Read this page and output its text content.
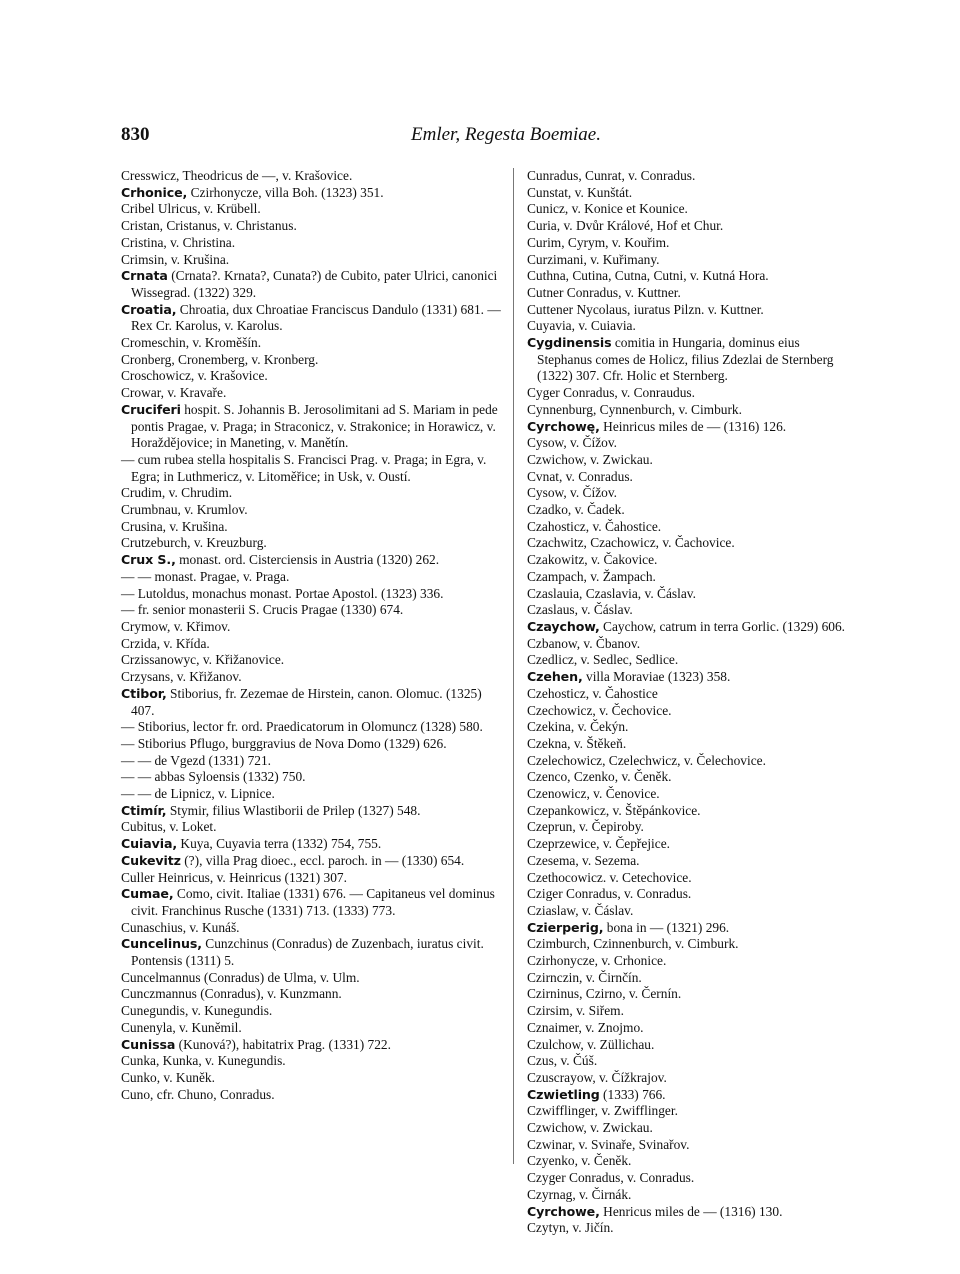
830	Emler, Regesta Boemiae.

Cresswicz, Theodricus de —, v. Krašovice.

Crhonice, Czirhonycze, villa Boh. (1323) 351.

Cribel Ulricus, v. Krübell.

Cristan, Cristanus, v. Christanus.

Cristina, v. Christina.

Crimsin, v. Krušina.

Crnata (Crnata?. Krnata?, Cunata?) de Cubito, pater Ulrici, canonici Wissegrad. (1322) 329.

Croatia, Chroatia, dux Chroatiae Franciscus Dandulo (1331) 681. — Rex Cr. Karolus, v. Karolus.

Cromeschin, v. Kroměšín.

Cronberg, Cronemberg, v. Kronberg.

Croschowicz, v. Krašovice.

Crowar, v. Kravaře.

Cruciferi hospit. S. Johannis B. Jerosolimitani ad S. Mariam in pede pontis Pragae, v. Praga; in Straconicz, v. Strakonice; in Horawicz, v. Horaždějovice; in Maneting, v. Manětín.

— cum rubea stella hospitalis S. Francisci Prag. v. Praga; in Egra, v. Egra; in Luthmericz, v. Litoměřice; in Usk, v. Oustí.

Crudim, v. Chrudim.

Crumbnau, v. Krumlov.

Crusina, v. Krušina.

Crutzeburch, v. Kreuzburg.

Crux S., monast. ord. Cisterciensis in Austria (1320) 262.

— — monast. Pragae, v. Praga.

— Lutoldus, monachus monast. Portae Apostol. (1323) 336.

— fr. senior monasterii S. Crucis Pragae (1330) 674.

Crymow, v. Křimov.

Crzida, v. Křída.

Crzissanowyc, v. Křižanovice.

Crzysans, v. Křižanov.

Ctibor, Stiborius, fr. Zezemae de Hirstein, canon. Olomuc. (1325) 407.

— Stiborius, lector fr. ord. Praedicatorum in Olomuncz (1328) 580.

— Stiborius Pflugo, burggravius de Nova Domo (1329) 626.

— — de Vgezd (1331) 721.

— — abbas Syloensis (1332) 750.

— — de Lipnicz, v. Lipnice.

Ctimír, Stymir, filius Wlastiborii de Prilep (1327) 548.

Cubitus, v. Loket.

Cuiavia, Kuya, Cuyavia terra (1332) 754, 755.

Cukevitz (?), villa Prag dioec., eccl. paroch. in — (1330) 654.

Culler Heinricus, v. Heinricus (1321) 307.

Cumae, Como, civit. Italiae (1331) 676. — Capitaneus vel dominus civit. Franchinus Rusche (1331) 713. (1333) 773.

Cunaschius, v. Kunáš.

Cuncelinus, Cunzchinus (Conradus) de Zuzenbach, iuratus civit. Pontensis (1311) 5.

Cuncelmannus (Conradus) de Ulma, v. Ulm.

Cunczmannus (Conradus), v. Kunzmann.

Cunegundis, v. Kunegundis.

Cunenyla, v. Kuněmil.

Cunissa (Kunová?), habitatrix Prag. (1331) 722.

Cunka, Kunka, v. Kunegundis.

Cunko, v. Kuněk.

Cuno, cfr. Chuno, Conradus.

Cunradus, Cunrat, v. Conradus.

Cunstat, v. Kunštát.

Cunicz, v. Konice et Kounice.

Curia, v. Dvůr Králové, Hof et Chur.

Curim, Cyrym, v. Kouřim.

Curzimani, v. Kuřimany.

Cuthna, Cutina, Cutna, Cutni, v. Kutná Hora.

Cutner Conradus, v. Kuttner.

Cuttener Nycolaus, iuratus Pilzn. v. Kuttner.

Cuyavia, v. Cuiavia.

Cygdinensis comitia in Hungaria, dominus eius Stephanus comes de Holicz, filius Zdezlai de Sternberg (1322) 307. Cfr. Holic et Sternberg.

Cyger Conradus, v. Conraudus.

Cynnenburg, Cynnenburch, v. Cimburk.

Cyrchowę, Heinricus miles de — (1316) 126.

Cysow, v. Čížov.

Czwichow, v. Zwickau.

Cvnat, v. Conradus.

Cysow, v. Čížov.

Czadko, v. Čadek.

Czahosticz, v. Čahostice.

Czachwitz, Czachowicz, v. Čachovice.

Czakowitz, v. Čakovice.

Czampach, v. Žampach.

Czaslauia, Czaslavia, v. Čáslav.

Czaslaus, v. Čáslav.

Czaychow, Caychow, catrum in terra Gorlic. (1329) 606.

Czbanow, v. Čbanov.

Czedlicz, v. Sedlec, Sedlice.

Czehen, villa Moraviae (1323) 358.

Czehosticz, v. Čahostice

Czechowicz, v. Čechovice.

Czekina, v. Čekýn.

Czekna, v. Štěkeň.

Czelechowicz, Czelechwicz, v. Čelechovice.

Czenco, Czenko, v. Čeněk.

Czenowicz, v. Čenovice.

Czepankowicz, v. Štěpánkovice.

Czeprun, v. Čepiroby.

Czeprzewice, v. Čepřejice.

Czesema, v. Sezema.

Czethocowicz. v. Cetechovice.

Cziger Conradus, v. Conradus.

Cziaslaw, v. Čáslav.

Czierperig, bona in — (1321) 296.

Czimburch, Czinnenburch, v. Cimburk.

Czirhonycze, v. Crhonice.

Czirnczin, v. Čirnčín.

Czirninus, Czirno, v. Černín.

Czirsim, v. Siřem.

Cznaimer, v. Znojmo.

Czulchow, v. Züllichau.

Czus, v. Čúš.

Czuscrayow, v. Čížkrajov.

Czwietling (1333) 766.

Czwifflinger, v. Zwifflinger.

Czwichow, v. Zwickau.

Czwinar, v. Svinaře, Svinařov.

Czyenko, v. Čeněk.

Czyger Conradus, v. Conradus.

Czyrnag, v. Čirnák.

Cyrchowe, Henricus miles de — (1316) 130.

Czytyn, v. Jičín.
